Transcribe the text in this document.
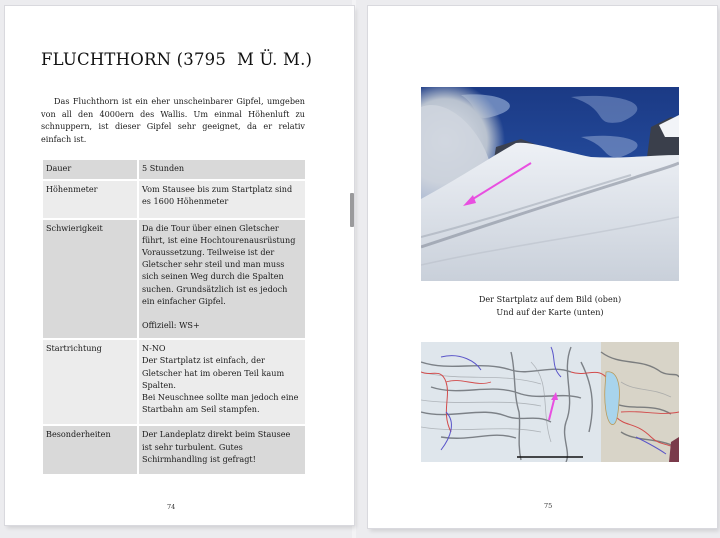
FLUCHTHORN (3795  M Ü. M.)
Das Fluchthorn ist ein eher unscheinbarer Gipfel, umgeben von all den 4000ern des Wallis. Um einmal Höhenluft zu schnuppern, ist dieser Gipfel sehr geeignet, da er relativ einfach ist.
Dauer	5 Stunden

Höhenmeter	Vom Stausee bis zum Startplatz sind es 1600 Höhenmeter

Schwierigkeit	Da die Tour über einen Gletscher führt, ist eine Hochtourenausrüstung Voraussetzung. Teilweise ist der Gletscher sehr steil und man muss sich seinen Weg durch die Spalten suchen. Grundsätzlich ist es jedoch ein einfacher Gipfel.
Offiziell: WS+

Startrichtung	N-NO
Der Startplatz ist einfach, der Gletscher hat im oberen Teil kaum Spalten.
Bei Neuschnee sollte man jedoch eine Startbahn am Seil stampfen.

Besonderheiten	Der Landeplatz direkt beim Stausee ist sehr turbulent. Gutes Schirmhandling ist gefragt!
74
Der Startplatz auf dem Bild (oben)
Und auf der Karte (unten)
75
